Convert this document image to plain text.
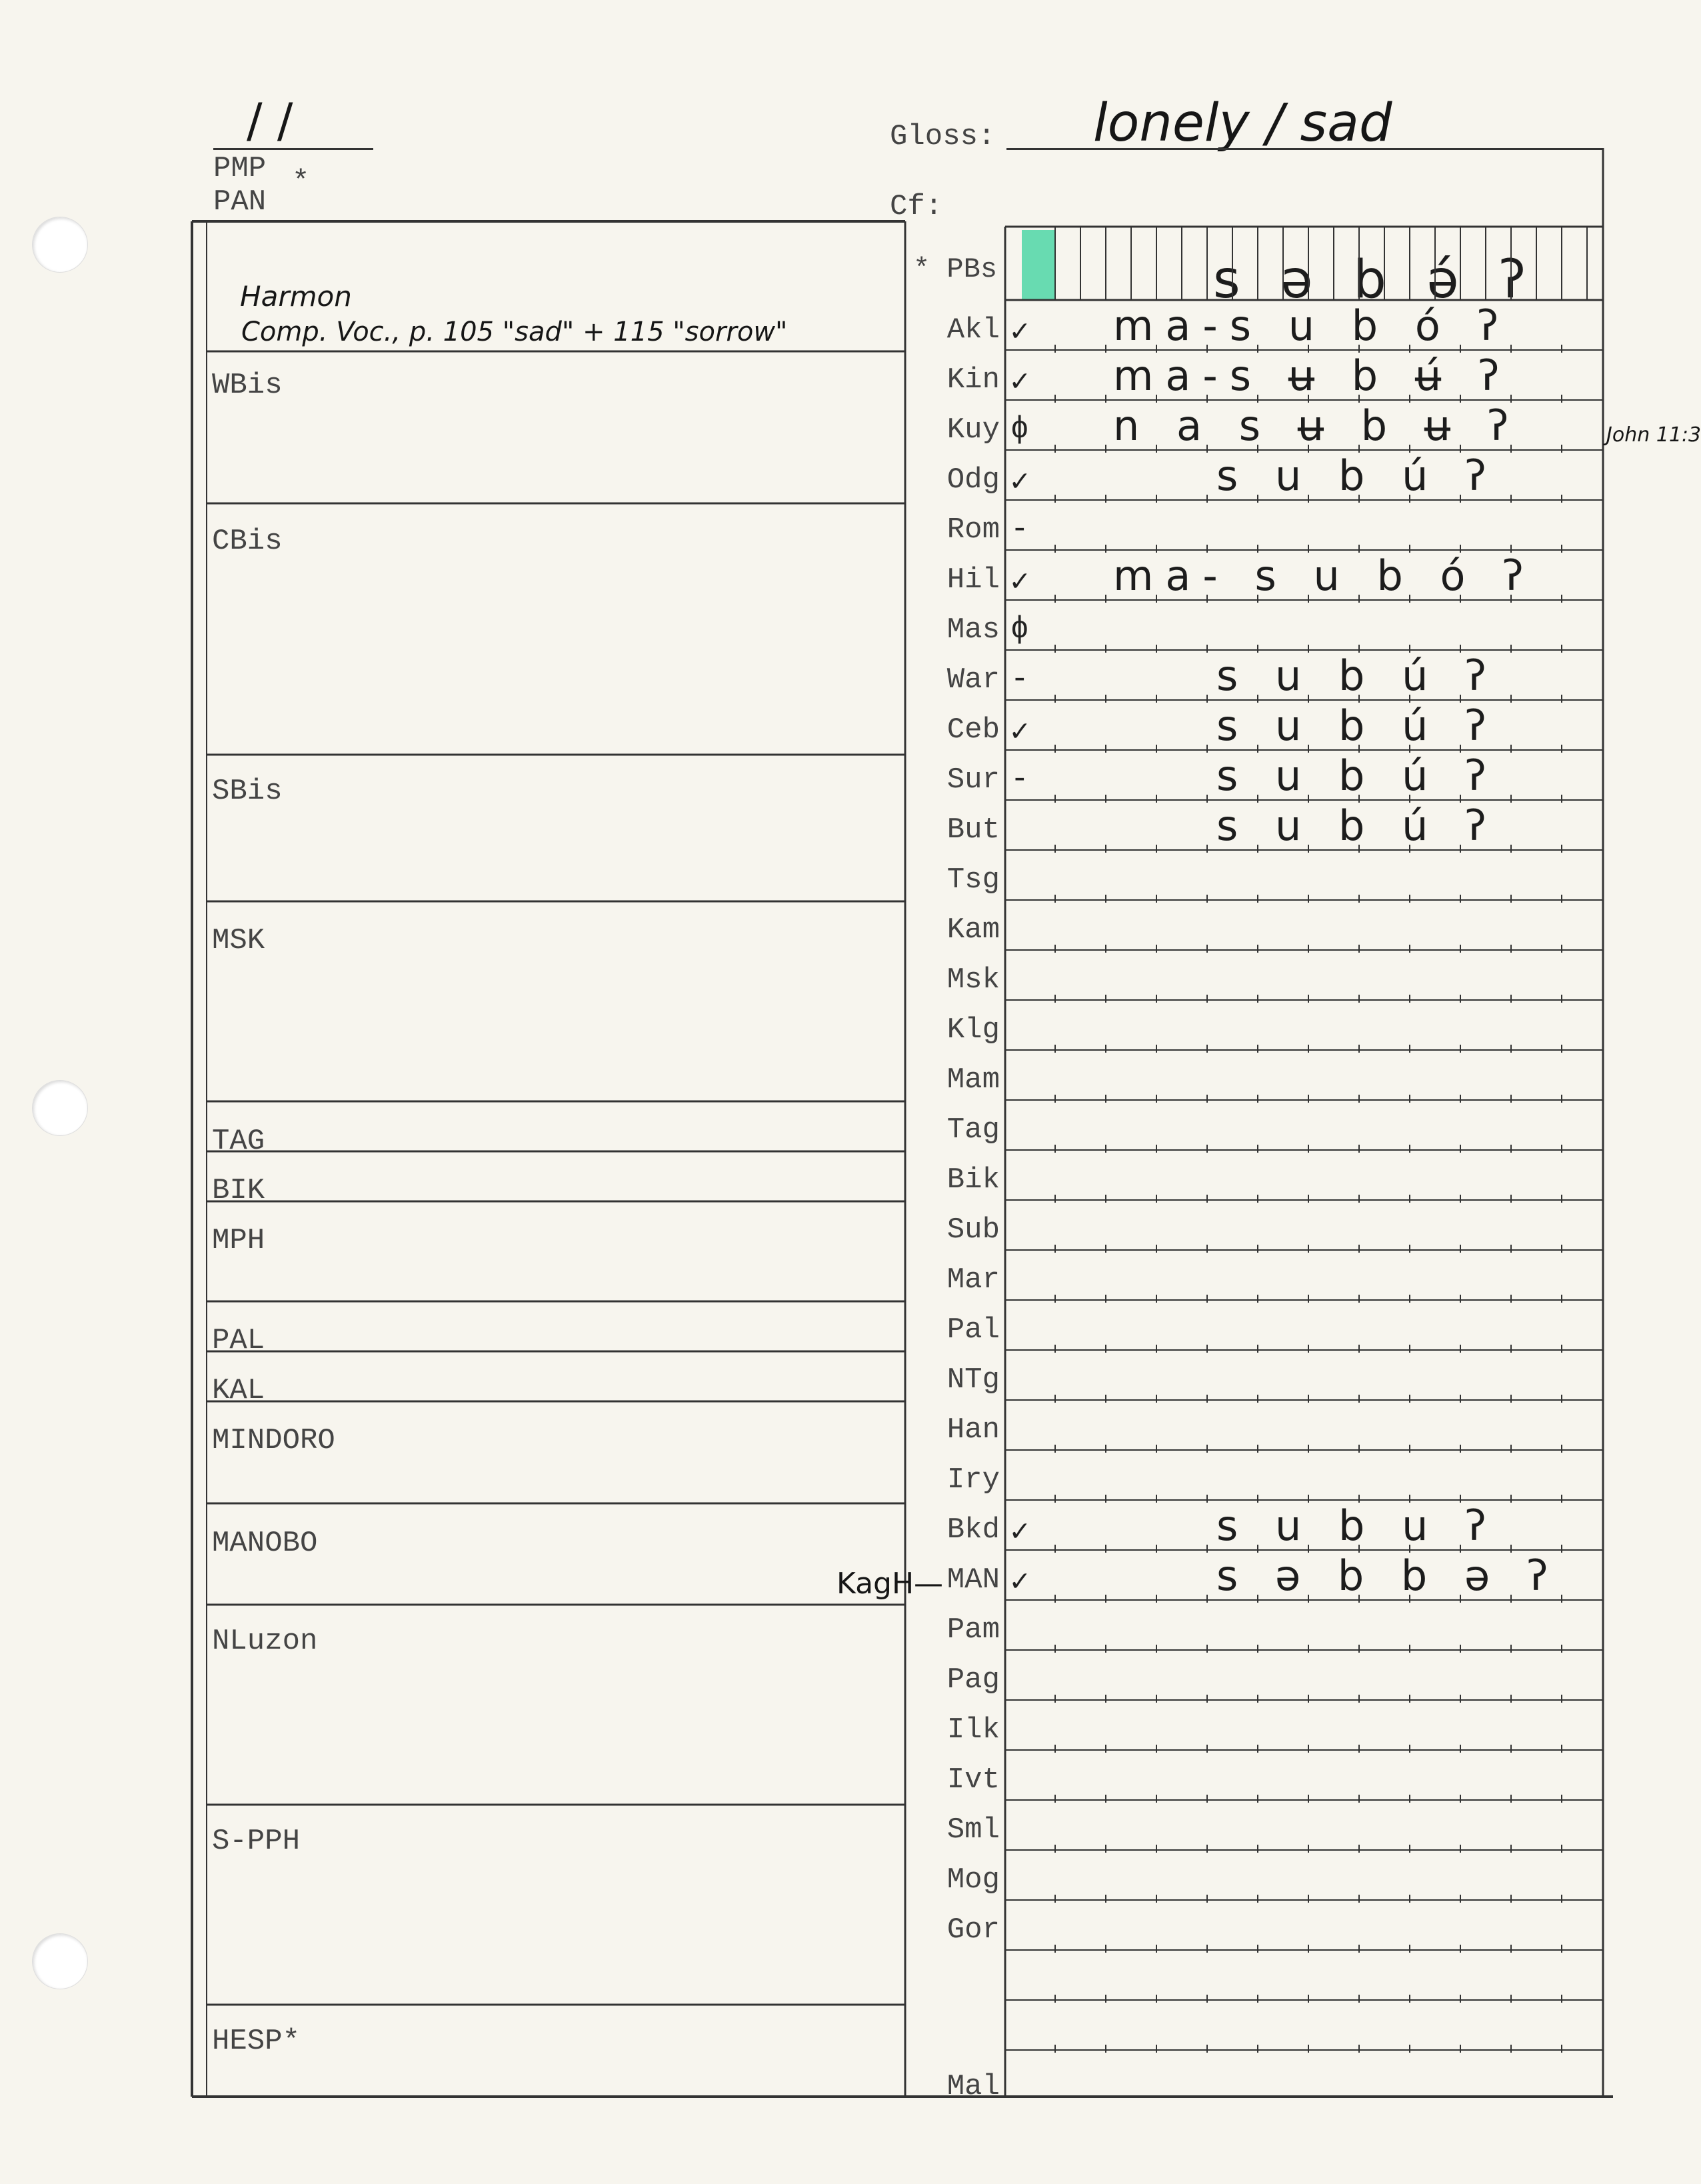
/ /
PMP *
PAN
Gloss: lonely / sad
Cf:
Harmon
Comp. Voc., p. 105 "sad" + 115 "sorrow"
WBis
CBis
SBis
MSK
TAG
BIK
MPH
PAL
KAL
MINDORO
MANOBO
NLuzon
S-PPH
HESP*
* PBs	s ə b ə́ ʔ
Akl ✓ ma-s u b ó ʔ
Kin ✓ ma-s ʉ b ʉ́ ʔ
Kuy ϕ n a s ʉ b ʉ ʔ
Odg ✓	s u b ú ʔ
Rom -
Hil ✓ ma- s u b ó ʔ
Mas ϕ
War -	s u b ú ʔ
Ceb ✓	s u b ú ʔ
Sur -	s u b ú ʔ
But	s u b ú ʔ
Tsg
Kam
Msk
Klg
Mam
Tag
Bik
Sub
Mar
Pal
NTg
Han
Iry
Bkd ✓	s u b u ʔ
MAN ✓	s ə b b ə ʔ
Pam
Pag
Ilk
Ivt
Sml
Mog
Gor
Mal
KagH—
John 11:3
